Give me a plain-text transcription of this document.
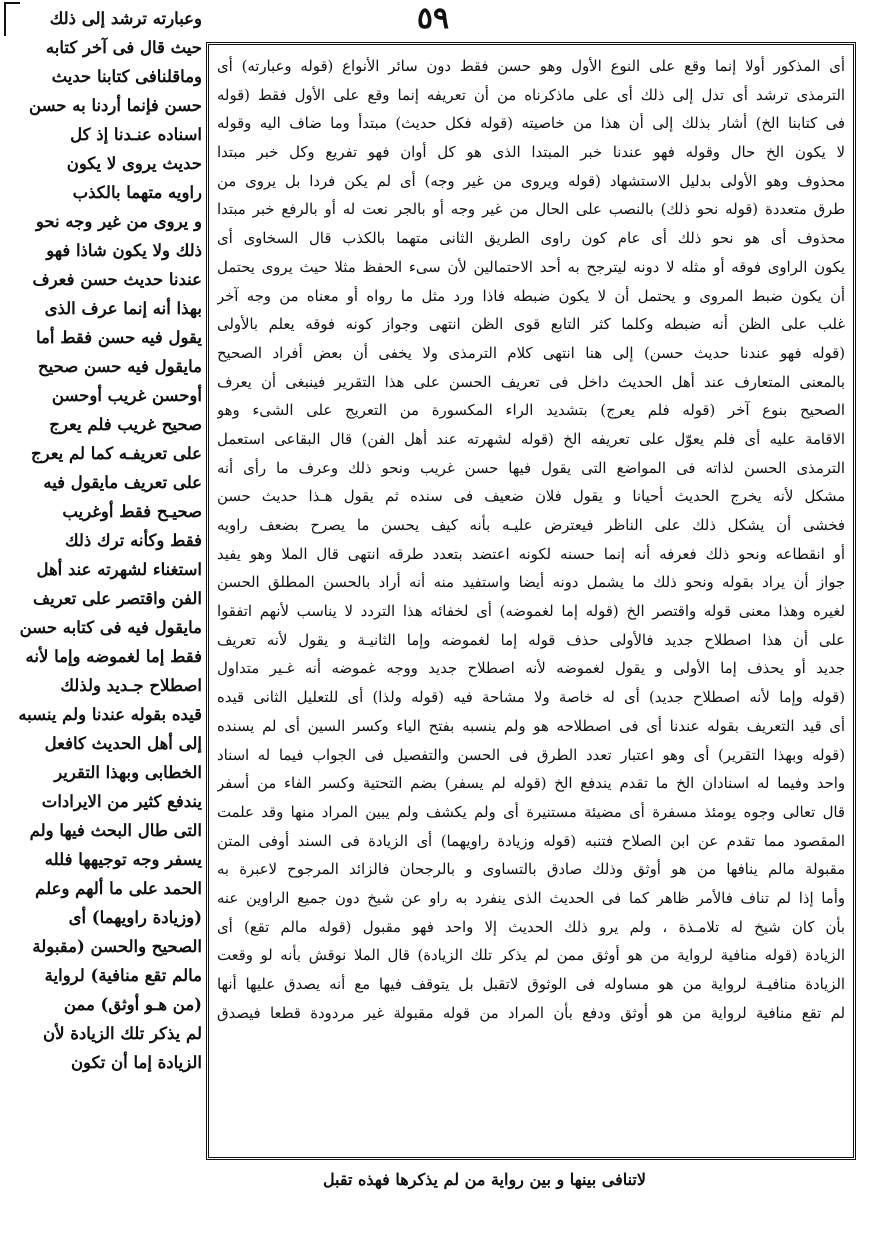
٥٩
وعبارته ترشد إلى ذلك
حيث قال فى آخر كتابه
وماقلنافى كتابنا حديث
حسن فإنما أردنا به حسن
اسناده عنـدنا إذ كل
حديث يروى لا يكون
راويه متهما بالكذب
و يروى من غير وجه نحو
ذلك ولا يكون شاذا فهو
عندنا حديث حسن فعرف
بهذا أنه إنما عرف الذى
يقول فيه حسن فقط أما
مايقول فيه حسن صحيح
أوحسن غريب أوحسن
صحيح غريب فلم يعرج
على تعريفـه كما لم يعرج
على تعريف مايقول فيه
صحيـح فقط أوغريب
فقط وكأنه ترك ذلك
استغناء لشهرته عند أهل
الفن واقتصر على تعريف
مايقول فيه فى كتابه حسن
فقط إما لغموضه وإما لأنه
اصطلاح جـديد ولذلك
قيده بقوله عندنا ولم ينسبه
إلى أهل الحديث كافعل
الخطابى وبهذا التقرير
يندفع كثير من الايرادات
التى طال البحث فيها ولم
يسفر وجه توجيهها فلله
الحمد على ما ألهم وعلم
(وزيادة راويهما) أى
الصحيح والحسن (مقبولة
مالم تقع منافية) لرواية
(من هـو أوثق) ممن
لم يذكر تلك الزيادة لأن
الزيادة إما أن تكون
أى المذكور أولا إنما وقع على النوع الأول وهو حسن فقط دون سائر الأنواع (قوله وعبارته) أى
الترمذى ترشد أى تدل إلى ذلك أى على ماذكرناه من أن تعريفه إنما وقع على الأول فقط (قوله
فى كتابنا الخ) أشار بذلك إلى أن هذا من خاصيته (قوله فكل حديث) مبتدأ وما ضاف اليه وقوله
لا يكون الخ حال وقوله فهو عندنا خبر المبتدا الذى هو كل أوان فهو تفريع وكل خبر مبتدا
محذوف وهو الأولى بدليل الاستشهاد (قوله ويروى من غير وجه) أى لم يكن فردا بل يروى من
طرق متعددة (قوله نحو ذلك) بالنصب على الحال من غير وجه أو بالجر نعت له أو بالرفع خبر مبتدا
محذوف أى هو نحو ذلك أى عام كون راوى الطريق الثانى متهما بالكذب قال السخاوى أى
يكون الراوى فوقه أو مثله لا دونه ليترجح به أحد الاحتمالين لأن سىء الحفظ مثلا حيث يروى يحتمل
أن يكون ضبط المروى و يحتمل أن لا يكون ضبطه فاذا ورد مثل ما رواه أو معناه من وجه آخر
غلب على الظن أنه ضبطه وكلما كثر التابع قوى الظن انتهى وجواز كونه فوقه يعلم بالأولى
(قوله فهو عندنا حديث حسن) إلى هنا انتهى كلام الترمذى ولا يخفى أن بعض أفراد الصحيح
بالمعنى المتعارف عند أهل الحديث داخل فى تعريف الحسن على هذا التقرير فينبغى أن يعرف
الصحيح بنوع آخر (قوله فلم يعرج) بتشديد الراء المكسورة من التعريج على الشىء وهو
الاقامة عليه أى فلم يعوّل على تعريفه الخ (قوله لشهرته عند أهل الفن) قال البقاعى استعمل
الترمذى الحسن لذاته فى المواضع التى يقول فيها حسن غريب ونحو ذلك وعرف ما رأى أنه
مشكل لأنه يخرج الحديث أحيانا و يقول فلان ضعيف فى سنده ثم يقول هـذا حديث حسن
فخشى أن يشكل ذلك على الناظر فيعترض عليـه بأنه كيف يحسن ما يصرح بضعف راويه
أو انقطاعه ونحو ذلك فعرفه أنه إنما حسنه لكونه اعتضد بتعدد طرقه انتهى قال الملا وهو يفيد
جواز أن يراد بقوله ونحو ذلك ما يشمل دونه أيضا واستفيد منه أنه أراد بالحسن المطلق الحسن
لغيره وهذا معنى قوله واقتصر الخ (قوله إما لغموضه) أى لخفائه هذا التردد لا يناسب لأنهم اتفقوا
على أن هذا اصطلاح جديد فالأولى حذف قوله إما لغموضه وإما الثانيـة و يقول لأنه تعريف
جديد أو يحذف إما الأولى و يقول لغموضه لأنه اصطلاح جديد ووجه غموضه أنه غـير متداول
(قوله وإما لأنه اصطلاح جديد) أى له خاصة ولا مشاحة فيه (قوله ولذا) أى للتعليل الثانى قيده
أى قيد التعريف بقوله عندنا أى فى اصطلاحه هو ولم ينسبه بفتح الياء وكسر السين أى لم يسنده
(قوله وبهذا التقرير) أى وهو اعتبار تعدد الطرق فى الحسن والتفصيل فى الجواب فيما له اسناد
واحد وفيما له اسنادان الخ ما تقدم يندفع الخ (قوله لم يسفر) بضم التحتية وكسر الفاء من أسفر
قال تعالى وجوه يومئذ مسفرة أى مضيئة مستنيرة أى ولم يكشف ولم يبين المراد منها وقد علمت
المقصود مما تقدم عن ابن الصلاح فتنبه (قوله وزيادة راويهما) أى الزيادة فى السند أوفى المتن
مقبولة مالم ينافها من هو أوثق وذلك صادق بالتساوى و بالرجحان فالزائد المرجوح لاعبرة به
وأما إذا لم تناف فالأمر ظاهر كما فى الحديث الذى ينفرد به راو عن شيخ دون جميع الراوين عنه
بأن كان شيخ له تلامـذة ، ولم يرو ذلك الحديث إلا واحد فهو مقبول (قوله مالم تقع) أى
الزيادة (قوله منافية لرواية من هو أوثق ممن لم يذكر تلك الزيادة) قال الملا نوقش بأنه لو وقعت
الزيادة منافيـة لرواية من هو مساوله فى الوثوق لاتقبل بل يتوقف فيها مع أنه يصدق عليها أنها
لم تقع منافية لرواية من هو أوثق ودفع بأن المراد من قوله مقبولة غير مردودة قطعا فيصدق
لاتنافى بينها و بين رواية من لم يذكرها فهذه تقبل
